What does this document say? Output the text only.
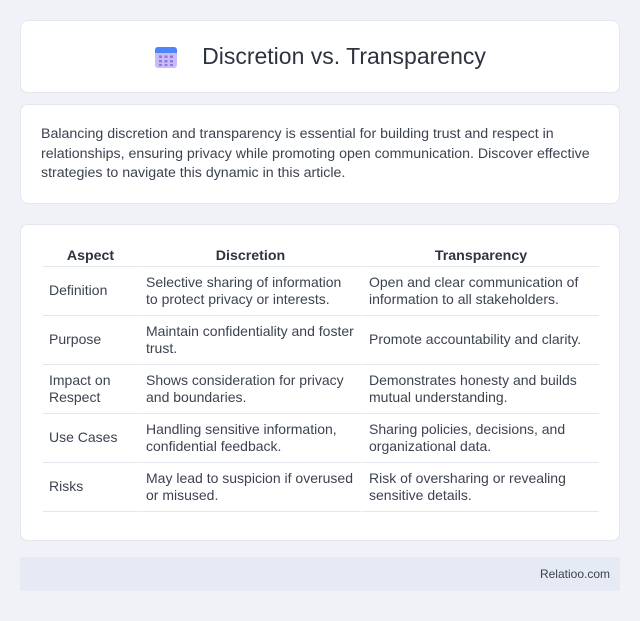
Discretion vs. Transparency

Balancing discretion and transparency is essential for building trust and respect in relationships, ensuring privacy while promoting open communication. Discover effective strategies to navigate this dynamic in this article.

Aspect	Discretion	Transparency
Definition	Selective sharing of information to protect privacy or interests.	Open and clear communication of information to all stakeholders.
Purpose	Maintain confidentiality and foster trust.	Promote accountability and clarity.
Impact on Respect	Shows consideration for privacy and boundaries.	Demonstrates honesty and builds mutual understanding.
Use Cases	Handling sensitive information, confidential feedback.	Sharing policies, decisions, and organizational data.
Risks	May lead to suspicion if overused or misused.	Risk of oversharing or revealing sensitive details.
Relatioo.com
